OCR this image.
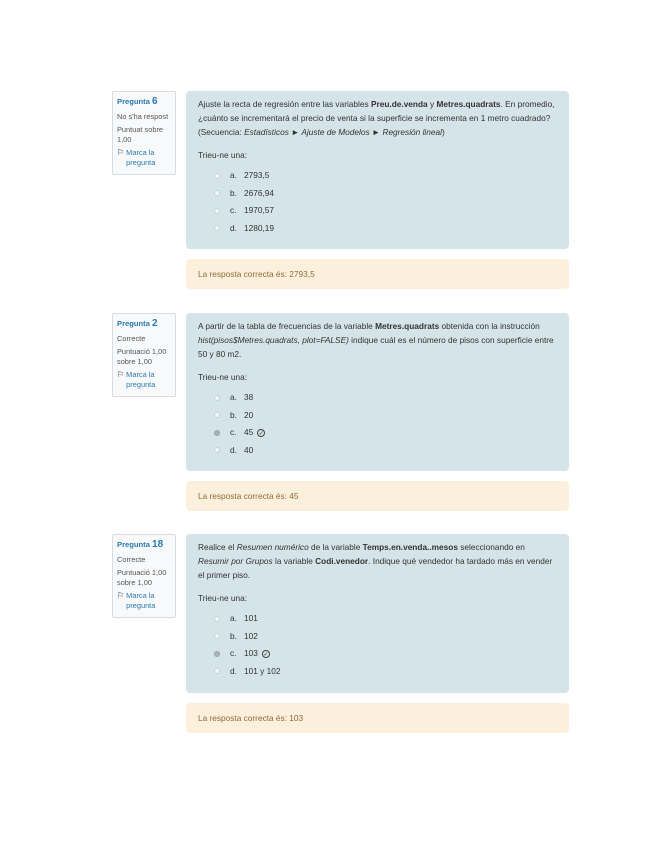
Pregunta 6
No s'ha respost
Puntuat sobre 1,00
⚐ Marca la pregunta
Ajuste la recta de regresión entre las variables Preu.de.venda y Metres.quadrats. En promedio,¿cuánto se incrementará el precio de venta si la superficie se incrementa en 1 metro cuadrado? (Secuencia: Estadísticos ► Ajuste de Modelos ► Regresión lineal)
Trieu-ne una:
a. 2793,5
b. 2676,94
c. 1970,57
d. 1280,19
La resposta correcta és: 2793,5
Pregunta 2
Correcte
Puntuació 1,00 sobre 1,00
⚐ Marca la pregunta
A partir de la tabla de frecuencias de la variable Metres.quadrats obtenida con la instrucción hist(pisos$Metres.quadrats, plot=FALSE) indique cuál es el número de pisos con superficie entre 50 y 80 m2.
Trieu-ne una:
a. 38
b. 20
c. 45 ✓
d. 40
La resposta correcta és: 45
Pregunta 18
Correcte
Puntuació 1,00 sobre 1,00
⚐ Marca la pregunta
Realice el Resumen numérico de la variable Temps.en.venda..mesos seleccionando en Resumir por Grupos la variable Codi.venedor. Indique qué vendedor ha tardado más en vender el primer piso.
Trieu-ne una:
a. 101
b. 102
c. 103 ✓
d. 101 y 102
La resposta correcta és: 103
